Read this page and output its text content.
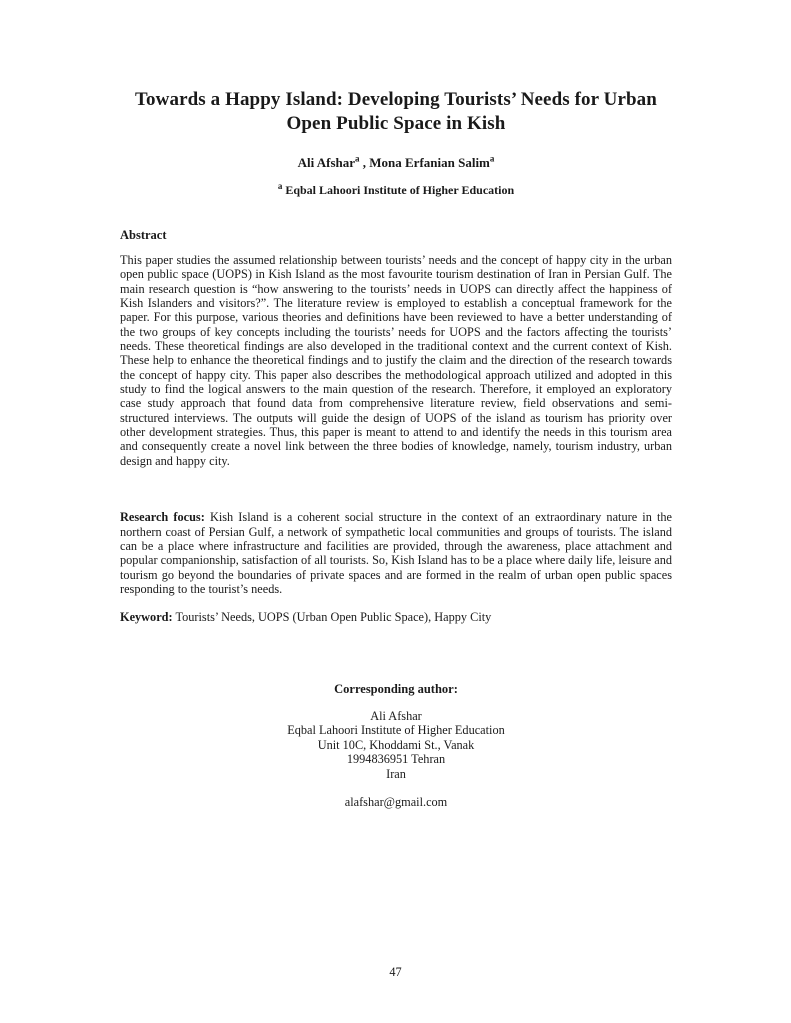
Towards a Happy Island: Developing Tourists’ Needs for Urban Open Public Space in Kish
Ali Afshar$^a$ , Mona Erfanian Salim$^a$
$^a$ Eqbal Lahoori Institute of Higher Education
Abstract

This paper studies the assumed relationship between tourists’ needs and the concept of happy city in the urban open public space (UOPS) in Kish Island as the most favourite tourism destination of Iran in Persian Gulf. The main research question is “how answering to the tourists’ needs in UOPS can directly affect the happiness of Kish Islanders and visitors?”. The literature review is employed to establish a conceptual framework for the paper. For this purpose, various theories and definitions have been reviewed to have a better understanding of the two groups of key concepts including the tourists’ needs for UOPS and the factors affecting the tourists’ needs. These theoretical findings are also developed in the traditional context and the current context of Kish. These help to enhance the theoretical findings and to justify the claim and the direction of the research towards the concept of happy city. This paper also describes the methodological approach utilized and adopted in this study to find the logical answers to the main question of the research. Therefore, it employed an exploratory case study approach that found data from comprehensive literature review, field observations and semi-structured interviews. The outputs will guide the design of UOPS of the island as tourism has priority over other development strategies. Thus, this paper is meant to attend to and identify the needs in this tourism area and consequently create a novel link between the three bodies of knowledge, namely, tourism industry, urban design and happy city.

Research focus: Kish Island is a coherent social structure in the context of an extraordinary nature in the northern coast of Persian Gulf, a network of sympathetic local communities and groups of tourists. The island can be a place where infrastructure and facilities are provided, through the awareness, place attachment and popular companionship, satisfaction of all tourists. So, Kish Island has to be a place where daily life, leisure and tourism go beyond the boundaries of private spaces and are formed in the realm of urban open public spaces responding to the tourist’s needs.

Keyword: Tourists’ Needs, UOPS (Urban Open Public Space), Happy City

Corresponding author:
Ali Afshar
Eqbal Lahoori Institute of Higher Education
Unit 10C, Khoddami St., Vanak
1994836951 Tehran
Iran
alafshar@gmail.com
47
